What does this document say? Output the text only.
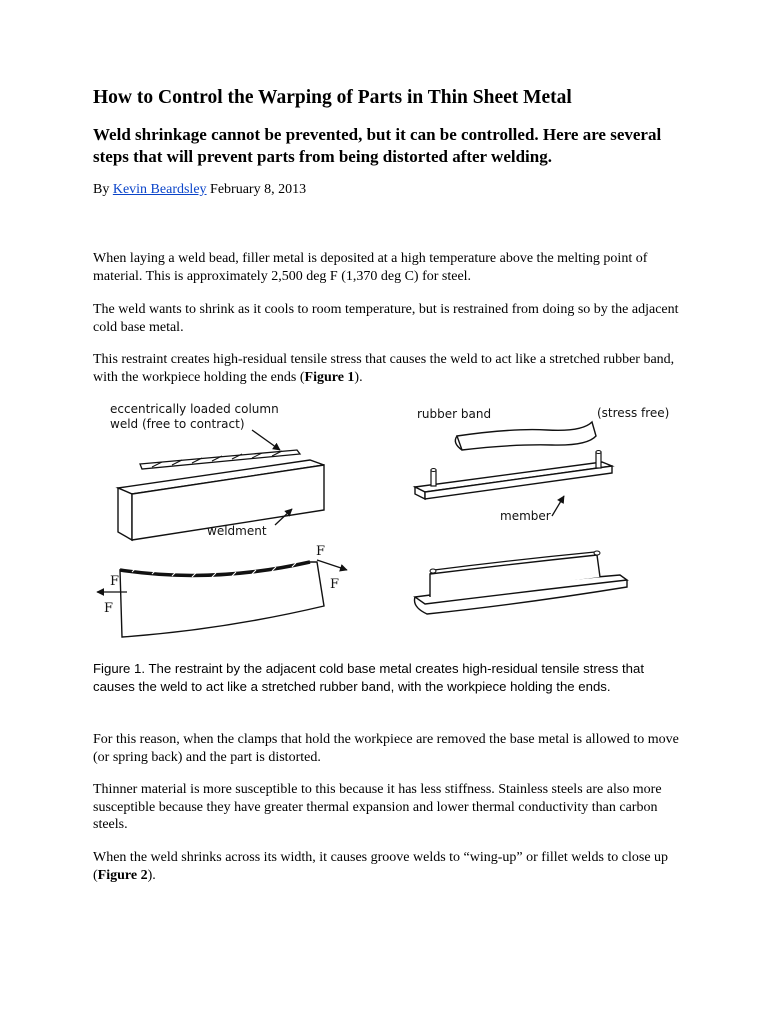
How to Control the Warping of Parts in Thin Sheet Metal
Weld shrinkage cannot be prevented, but it can be controlled. Here are several steps that will prevent parts from being distorted after welding.
By Kevin Beardsley February 8, 2013

When laying a weld bead, filler metal is deposited at a high temperature above the melting point of material. This is approximately 2,500 deg F (1,370 deg C) for steel.

The weld wants to shrink as it cools to room temperature, but is restrained from doing so by the adjacent cold base metal.

This restraint creates high-residual tensile stress that causes the weld to act like a stretched rubber band, with the workpiece holding the ends (Figure 1).

eccentrically loaded column
weld (free to contract)
weldment
F
F
F
F
rubber band	(stress free)
member

Figure 1. The restraint by the adjacent cold base metal creates high-residual tensile stress that causes the weld to act like a stretched rubber band, with the workpiece holding the ends.

For this reason, when the clamps that hold the workpiece are removed the base metal is allowed to move (or spring back) and the part is distorted.

Thinner material is more susceptible to this because it has less stiffness. Stainless steels are also more susceptible because they have greater thermal expansion and lower thermal conductivity than carbon steels.

When the weld shrinks across its width, it causes groove welds to “wing-up” or fillet welds to close up (Figure 2).
